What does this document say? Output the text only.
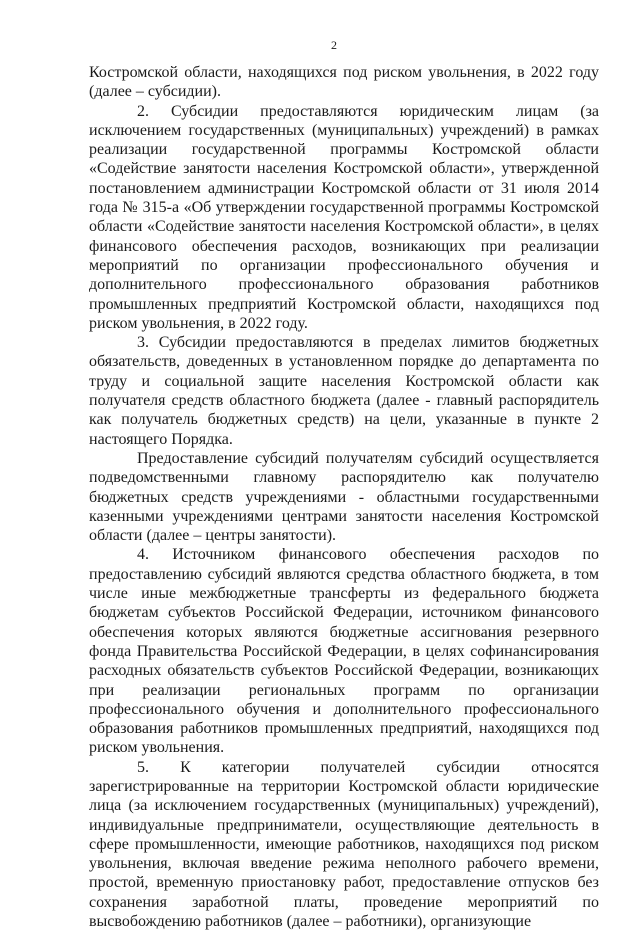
2

Костромской области, находящихся под риском увольнения, в 2022 году (далее – субсидии).

2. Субсидии предоставляются юридическим лицам (за исключением государственных (муниципальных) учреждений) в рамках реализации государственной программы Костромской области «Содействие занятости населения Костромской области», утвержденной постановлением администрации Костромской области от 31 июля 2014 года № 315-а «Об утверждении государственной программы Костромской области «Содействие занятости населения Костромской области», в целях финансового обеспечения расходов, возникающих при реализации мероприятий по организации профессионального обучения и дополнительного профессионального образования работников промышленных предприятий Костромской области, находящихся под риском увольнения, в 2022 году.

3. Субсидии предоставляются в пределах лимитов бюджетных обязательств, доведенных в установленном порядке до департамента по труду и социальной защите населения Костромской области как получателя средств областного бюджета (далее - главный распорядитель как получатель бюджетных средств) на цели, указанные в пункте 2 настоящего Порядка.

Предоставление субсидий получателям субсидий осуществляется подведомственными главному распорядителю как получателю бюджетных средств учреждениями - областными государственными казенными учреждениями центрами занятости населения Костромской области (далее – центры занятости).

4. Источником финансового обеспечения расходов по предоставлению субсидий являются средства областного бюджета, в том числе иные межбюджетные трансферты из федерального бюджета бюджетам субъектов Российской Федерации, источником финансового обеспечения которых являются бюджетные ассигнования резервного фонда Правительства Российской Федерации, в целях софинансирования расходных обязательств субъектов Российской Федерации, возникающих при реализации региональных программ по организации профессионального обучения и дополнительного профессионального образования работников промышленных предприятий, находящихся под риском увольнения.

5. К категории получателей субсидии относятся зарегистрированные на территории Костромской области юридические лица (за исключением государственных (муниципальных) учреждений), индивидуальные предприниматели, осуществляющие деятельность в сфере промышленности, имеющие работников, находящихся под риском увольнения, включая введение режима неполного рабочего времени, простой, временную приостановку работ, предоставление отпусков без сохранения заработной платы, проведение мероприятий по высвобождению работников (далее – работники), организующие
